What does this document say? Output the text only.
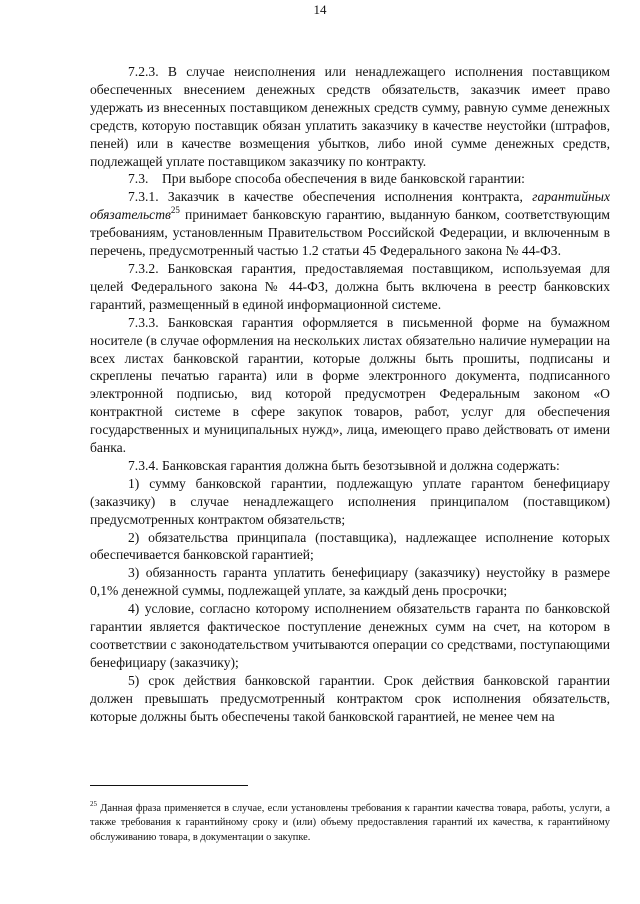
14

7.2.3. В случае неисполнения или ненадлежащего исполнения поставщиком обеспеченных внесением денежных средств обязательств, заказчик имеет право удержать из внесенных поставщиком денежных средств сумму, равную сумме денежных средств, которую поставщик обязан уплатить заказчику в качестве неустойки (штрафов, пеней) или в качестве возмещения убытков, либо иной сумме денежных средств, подлежащей уплате поставщиком заказчику по контракту.

7.3.    При выборе способа обеспечения в виде банковской гарантии:

7.3.1. Заказчик в качестве обеспечения исполнения контракта, гарантийных обязательств$^{25}$ принимает банковскую гарантию, выданную банком, соответствующим требованиям, установленным Правительством Российской Федерации, и включенным в перечень, предусмотренный частью 1.2 статьи 45 Федерального закона № 44-ФЗ.

7.3.2. Банковская гарантия, предоставляемая поставщиком, используемая для целей Федерального закона № 44-ФЗ, должна быть включена в реестр банковских гарантий, размещенный в единой информационной системе.

7.3.3. Банковская гарантия оформляется в письменной форме на бумажном носителе (в случае оформления на нескольких листах обязательно наличие нумерации на всех листах банковской гарантии, которые должны быть прошиты, подписаны и скреплены печатью гаранта) или в форме электронного документа, подписанного электронной подписью, вид которой предусмотрен Федеральным законом «О контрактной системе в сфере закупок товаров, работ, услуг для обеспечения государственных и муниципальных нужд», лица, имеющего право действовать от имени банка.

7.3.4. Банковская гарантия должна быть безотзывной и должна содержать:

1) сумму банковской гарантии, подлежащую уплате гарантом бенефициару (заказчику) в случае ненадлежащего исполнения принципалом (поставщиком) предусмотренных контрактом обязательств;

2) обязательства принципала (поставщика), надлежащее исполнение которых обеспечивается банковской гарантией;

3) обязанность гаранта уплатить бенефициару (заказчику) неустойку в размере 0,1% денежной суммы, подлежащей уплате, за каждый день просрочки;

4) условие, согласно которому исполнением обязательств гаранта по банковской гарантии является фактическое поступление денежных сумм на счет, на котором в соответствии с законодательством учитываются операции со средствами, поступающими бенефициару (заказчику);

5) срок действия банковской гарантии. Срок действия банковской гарантии должен превышать предусмотренный контрактом срок исполнения обязательств, которые должны быть обеспечены такой банковской гарантией, не менее чем на

$^{25}$ Данная фраза применяется в случае, если установлены требования к гарантии качества товара, работы, услуги, а также требования к гарантийному сроку и (или) объему предоставления гарантий их качества, к гарантийному обслуживанию товара, в документации о закупке.
